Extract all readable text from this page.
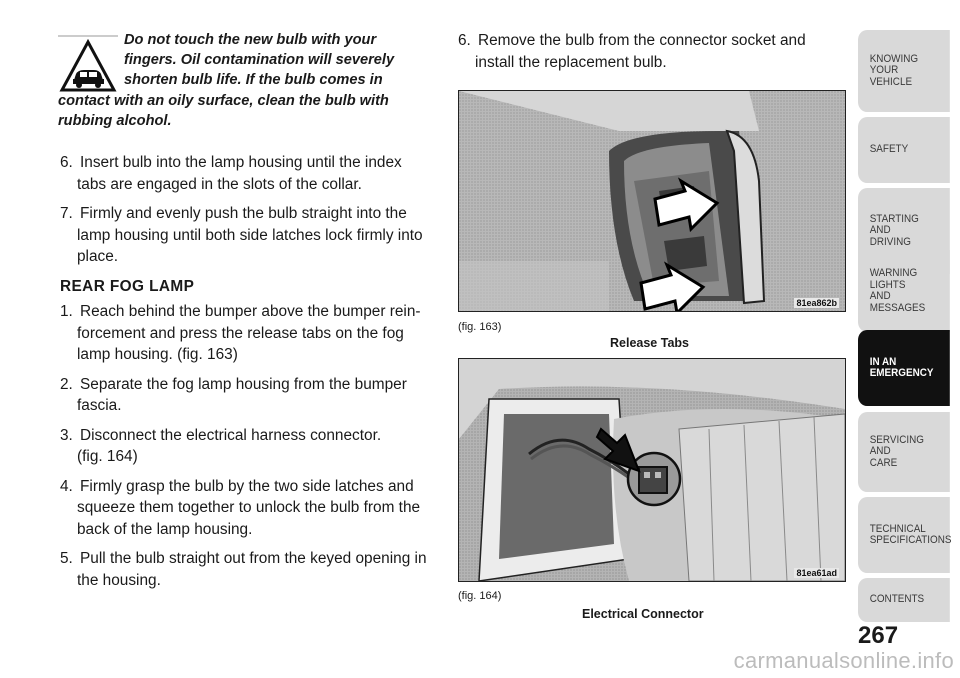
Do not touch the new bulb with your
fingers. Oil contamination will severely
shorten bulb life. If the bulb comes in
contact with an oily surface, clean the bulb with
rubbing alcohol.
6. Insert bulb into the lamp housing until the index
tabs are engaged in the slots of the collar.
7. Firmly and evenly push the bulb straight into the
lamp housing until both side latches lock firmly into
place.
REAR FOG LAMP
1. Reach behind the bumper above the bumper rein-
forcement and press the release tabs on the fog
lamp housing. (fig. 163)
2. Separate the fog lamp housing from the bumper
fascia.
3. Disconnect the electrical harness connector.
(fig. 164)
4. Firmly grasp the bulb by the two side latches and
squeeze them together to unlock the bulb from the
back of the lamp housing.
5. Pull the bulb straight out from the keyed opening in
the housing.
6. Remove the bulb from the connector socket and
install the replacement bulb.
81ea862b
(fig. 163)
Release Tabs
81ea61ad
(fig. 164)
Electrical Connector
KNOWING
YOUR
VEHICLE
SAFETY
STARTING
AND
DRIVING
WARNING
LIGHTS
AND
MESSAGES
IN AN
EMERGENCY
SERVICING
AND
CARE
TECHNICAL
SPECIFICATIONS
CONTENTS
267
carmanualsonline.info
